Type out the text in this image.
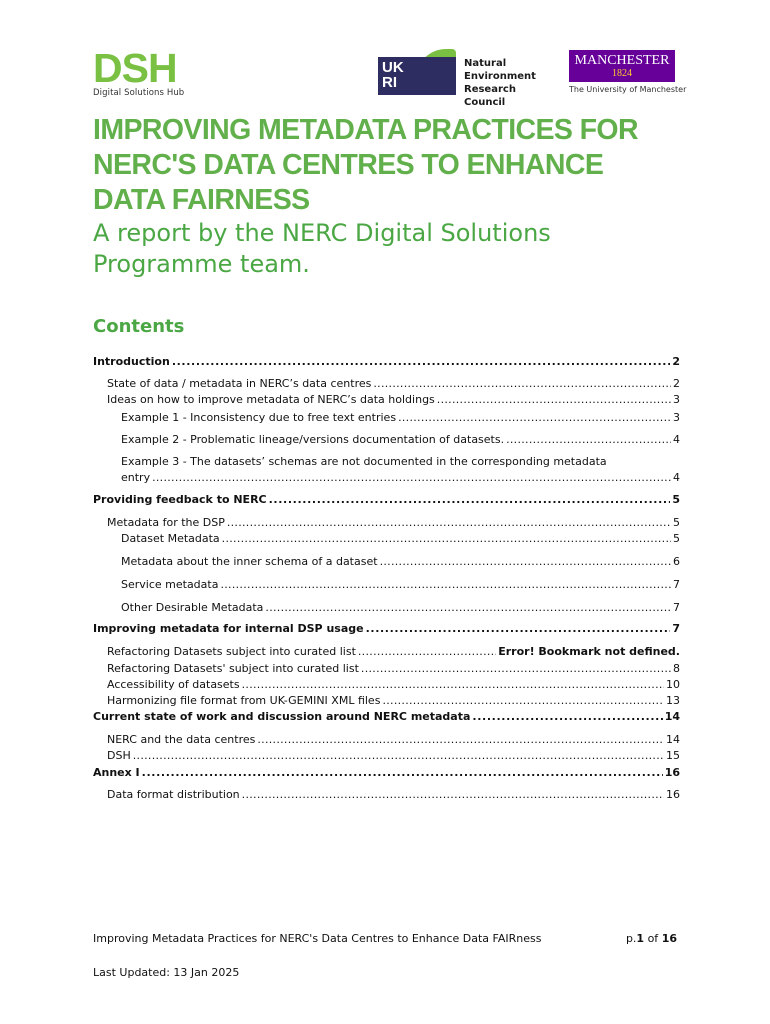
DSH
Digital Solutions Hub
UK
RI
Natural
Environment
Research Council
MANCHESTER
1824
The University of Manchester
IMPROVING METADATA PRACTICES FOR
NERC'S DATA CENTRES TO ENHANCE
DATA FAIRNESS
A report by the NERC Digital Solutions
Programme team.
Contents
Introduction . . .	2
State of data / metadata in NERC’s data centres . . .	2
Ideas on how to improve metadata of NERC’s data holdings . . .	3
Example 1 - Inconsistency due to free text entries . . .	3
Example 2 - Problematic lineage/versions documentation of datasets. . . .	4
Example 3 - The datasets’ schemas are not documented in the corresponding metadata
entry . . .	4
Providing feedback to NERC . . .	5
Metadata for the DSP . . .	5
Dataset Metadata . . .	5
Metadata about the inner schema of a dataset . . .	6
Service metadata . . .	7
Other Desirable Metadata . . .	7
Improving metadata for internal DSP usage . . .	7
Refactoring Datasets subject into curated list . . .	Error! Bookmark not defined.
Refactoring Datasets' subject into curated list . . .	8
Accessibility of datasets . . .	10
Harmonizing file format from UK-GEMINI XML files . . .	13
Current state of work and discussion around NERC metadata . . .	14
NERC and the data centres . . .	14
DSH . . .	15
Annex I . . .	16
Data format distribution . . .	16
Improving Metadata Practices for NERC's Data Centres to Enhance Data FAIRness	p.1 of 16
Last Updated: 13 Jan 2025
